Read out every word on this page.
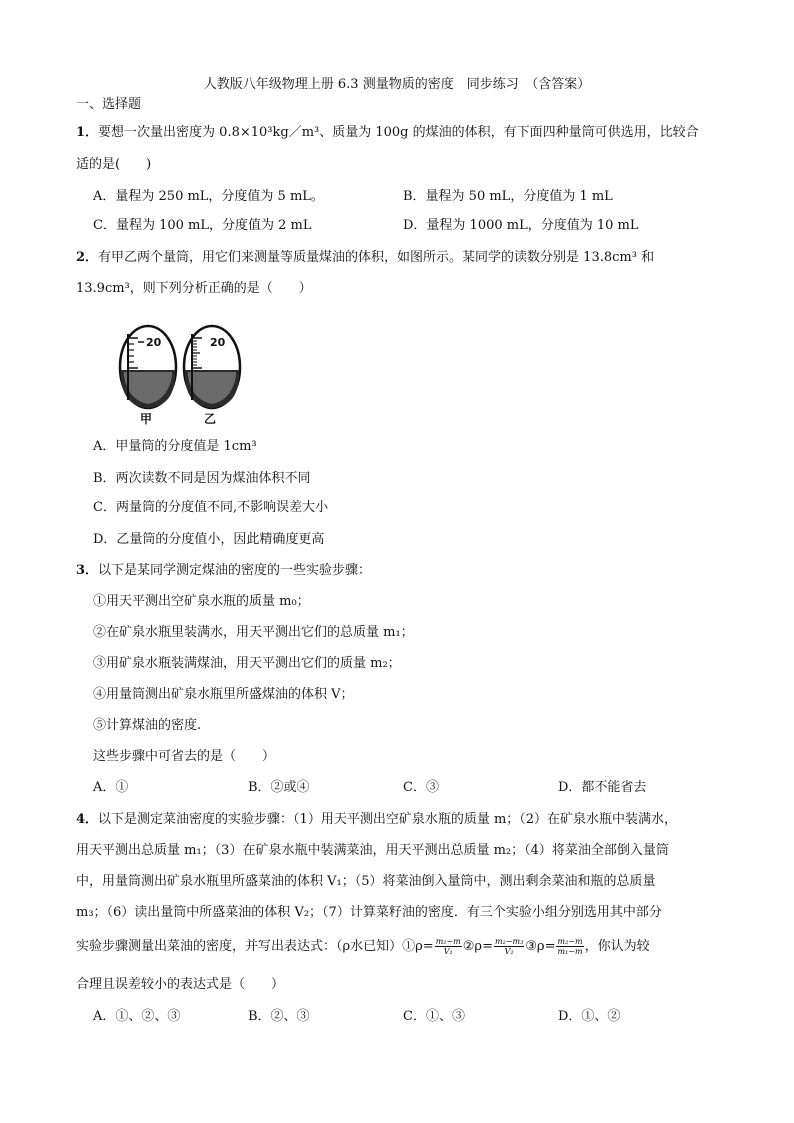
人教版八年级物理上册 6.3 测量物质的密度　同步练习　（含答案）
一、选择题
1．要想一次量出密度为 0.8×10³kg／m³、质量为 100g 的煤油的体积，有下面四种量筒可供选用，比较合
适的是(　　)
A．量程为 250 mL，分度值为 5 mL。	B．量程为 50 mL，分度值为 1 mL
C．量程为 100 mL，分度值为 2 mL	D．量程为 1000 mL，分度值为 10 mL
2．有甲乙两个量筒，用它们来测量等质量煤油的体积，如图所示。某同学的读数分别是 13.8cm³ 和
13.9cm³，则下列分析正确的是（　　）
20	20
甲	乙
A．甲量筒的分度值是 1cm³
B．两次读数不同是因为煤油体积不同
C．两量筒的分度值不同,不影响误差大小
D．乙量筒的分度值小，因此精确度更高
3．以下是某同学测定煤油的密度的一些实验步骤：
①用天平测出空矿泉水瓶的质量 m₀；
②在矿泉水瓶里装满水，用天平测出它们的总质量 m₁；
③用矿泉水瓶装满煤油，用天平测出它们的质量 m₂；
④用量筒测出矿泉水瓶里所盛煤油的体积 V；
⑤计算煤油的密度.
这些步骤中可省去的是（　　）
A．①	B．②或④	C．③	D．都不能省去
4．以下是测定菜油密度的实验步骤：（1）用天平测出空矿泉水瓶的质量 m；（2）在矿泉水瓶中装满水，
用天平测出总质量 m₁；（3）在矿泉水瓶中装满菜油，用天平测出总质量 m₂；（4）将菜油全部倒入量筒
中，用量筒测出矿泉水瓶里所盛菜油的体积 V₁；（5）将菜油倒入量筒中，测出剩余菜油和瓶的总质量
m₃；（6）读出量筒中所盛菜油的体积 V₂；（7）计算菜籽油的密度．有三个实验小组分别选用其中部分
实验步骤测量出菜油的密度，并写出表达式：（ρ水已知）①ρ= $\frac{\text{m₂−m}}{\text{V₁}}$ ②ρ= $\frac{\text{m₂−m₃}}{\text{V₂}}$ ③ρ= $\frac{\text{m₂−m}}{\text{m₁−m}}$ ，你认为较
合理且误差较小的表达式是（　　）
A．①、②、③	B．②、③	C．①、③	D．①、②
